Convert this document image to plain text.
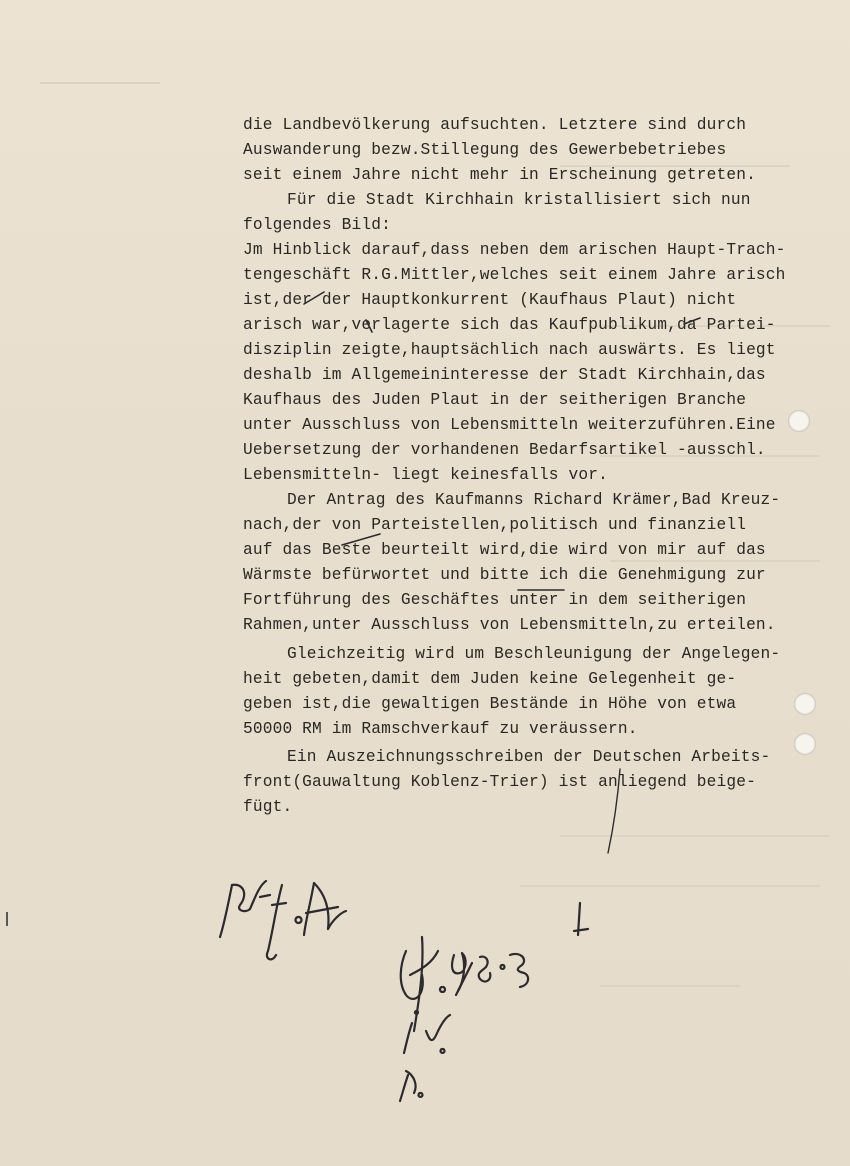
die Landbevölkerung aufsuchten. Letztere sind durch
Auswanderung bezw.Stillegung des Gewerbebetriebes
seit einem Jahre nicht mehr in Erscheinung getreten.
Für die Stadt Kirchhain kristallisiert sich nun
folgendes Bild:
Jm Hinblick darauf,dass neben dem arischen Haupt-Trach-
tengeschäft R.G.Mittler,welches seit einem Jahre arisch
ist,der der Hauptkonkurrent (Kaufhaus Plaut) nicht
arisch war,verlagerte sich das Kaufpublikum,da Partei-
disziplin zeigte,hauptsächlich nach auswärts. Es liegt
deshalb im Allgemeininteresse der Stadt Kirchhain,das
Kaufhaus des Juden Plaut in der seitherigen Branche
unter Ausschluss von Lebensmitteln weiterzuführen.Eine
Uebersetzung der vorhandenen Bedarfsartikel -ausschl.
Lebensmitteln- liegt keinesfalls vor.
Der Antrag des Kaufmanns Richard Krämer,Bad Kreuz-
nach,der von Parteistellen,politisch und finanziell
auf das Beste beurteilt wird,die wird von mir auf das
Wärmste befürwortet und bitte ich die Genehmigung zur
Fortführung des Geschäftes unter in dem seitherigen
Rahmen,unter Ausschluss von Lebensmitteln,zu erteilen.
Gleichzeitig wird um Beschleunigung der Angelegen-
heit gebeten,damit dem Juden keine Gelegenheit ge-
geben ist,die gewaltigen Bestände in Höhe von etwa
50000 RM im Ramschverkauf zu veräussern.
Ein Auszeichnungsschreiben der Deutschen Arbeits-
front(Gauwaltung Koblenz-Trier) ist anliegend beige-
fügt.
